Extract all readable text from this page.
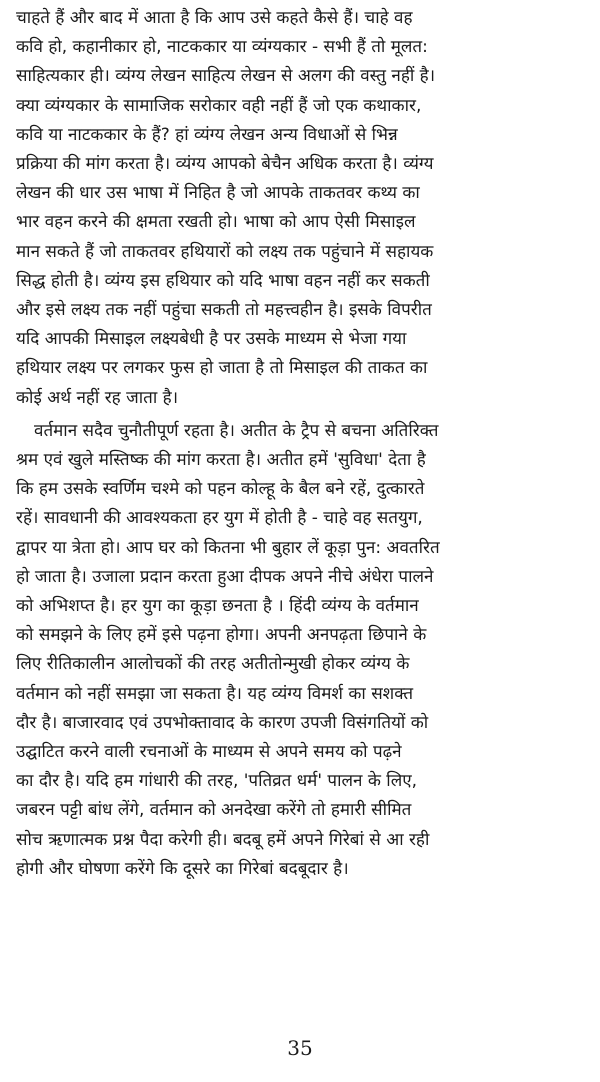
चाहते हैं और बाद में आता है कि आप उसे कहते कैसे हैं। चाहे वह
कवि हो, कहानीकार हो, नाटककार या व्यंग्यकार - सभी हैं तो मूलत:
साहित्यकार ही। व्यंग्य लेखन साहित्य लेखन से अलग की वस्तु नहीं है।
क्या व्यंग्यकार के सामाजिक सरोकार वही नहीं हैं जो एक कथाकार,
कवि या नाटककार के हैं? हां व्यंग्य लेखन अन्य विधाओं से भिन्न
प्रक्रिया की मांग करता है। व्यंग्य आपको बेचैन अधिक करता है। व्यंग्य
लेखन की धार उस भाषा में निहित है जो आपके ताकतवर कथ्य का
भार वहन करने की क्षमता रखती हो। भाषा को आप ऐसी मिसाइल
मान सकते हैं जो ताकतवर हथियारों को लक्ष्य तक पहुंचाने में सहायक
सिद्ध होती है। व्यंग्य इस हथियार को यदि भाषा वहन नहीं कर सकती
और इसे लक्ष्य तक नहीं पहुंचा सकती तो महत्त्वहीन है। इसके विपरीत
यदि आपकी मिसाइल लक्ष्यबेधी है पर उसके माध्यम से भेजा गया
हथियार लक्ष्य पर लगकर फुस हो जाता है तो मिसाइल की ताकत का
कोई अर्थ नहीं रह जाता है।
वर्तमान सदैव चुनौतीपूर्ण रहता है। अतीत के ट्रैप से बचना अतिरिक्त
श्रम एवं खुले मस्तिष्क की मांग करता है। अतीत हमें 'सुविधा' देता है
कि हम उसके स्वर्णिम चश्मे को पहन कोल्हू के बैल बने रहें, दुत्कारते
रहें। सावधानी की आवश्यकता हर युग में होती है - चाहे वह सतयुग,
द्वापर या त्रेता हो। आप घर को कितना भी बुहार लें कूड़ा पुन: अवतरित
हो जाता है। उजाला प्रदान करता हुआ दीपक अपने नीचे अंधेरा पालने
को अभिशप्त है। हर युग का कूड़ा छनता है । हिंदी व्यंग्य के वर्तमान
को समझने के लिए हमें इसे पढ़ना होगा। अपनी अनपढ़ता छिपाने के
लिए रीतिकालीन आलोचकों की तरह अतीतोन्मुखी होकर व्यंग्य के
वर्तमान को नहीं समझा जा सकता है। यह व्यंग्य विमर्श का सशक्त
दौर है। बाजारवाद एवं उपभोक्तावाद के कारण उपजी विसंगतियों को
उद्घाटित करने वाली रचनाओं के माध्यम से अपने समय को पढ़ने
का दौर है। यदि हम गांधारी की तरह, 'पतिव्रत धर्म' पालन के लिए,
जबरन पट्टी बांध लेंगे, वर्तमान को अनदेखा करेंगे तो हमारी सीमित
सोच ऋणात्मक प्रश्न पैदा करेगी ही। बदबू हमें अपने गिरेबां से आ रही
होगी और घोषणा करेंगे कि दूसरे का गिरेबां बदबूदार है।
35
